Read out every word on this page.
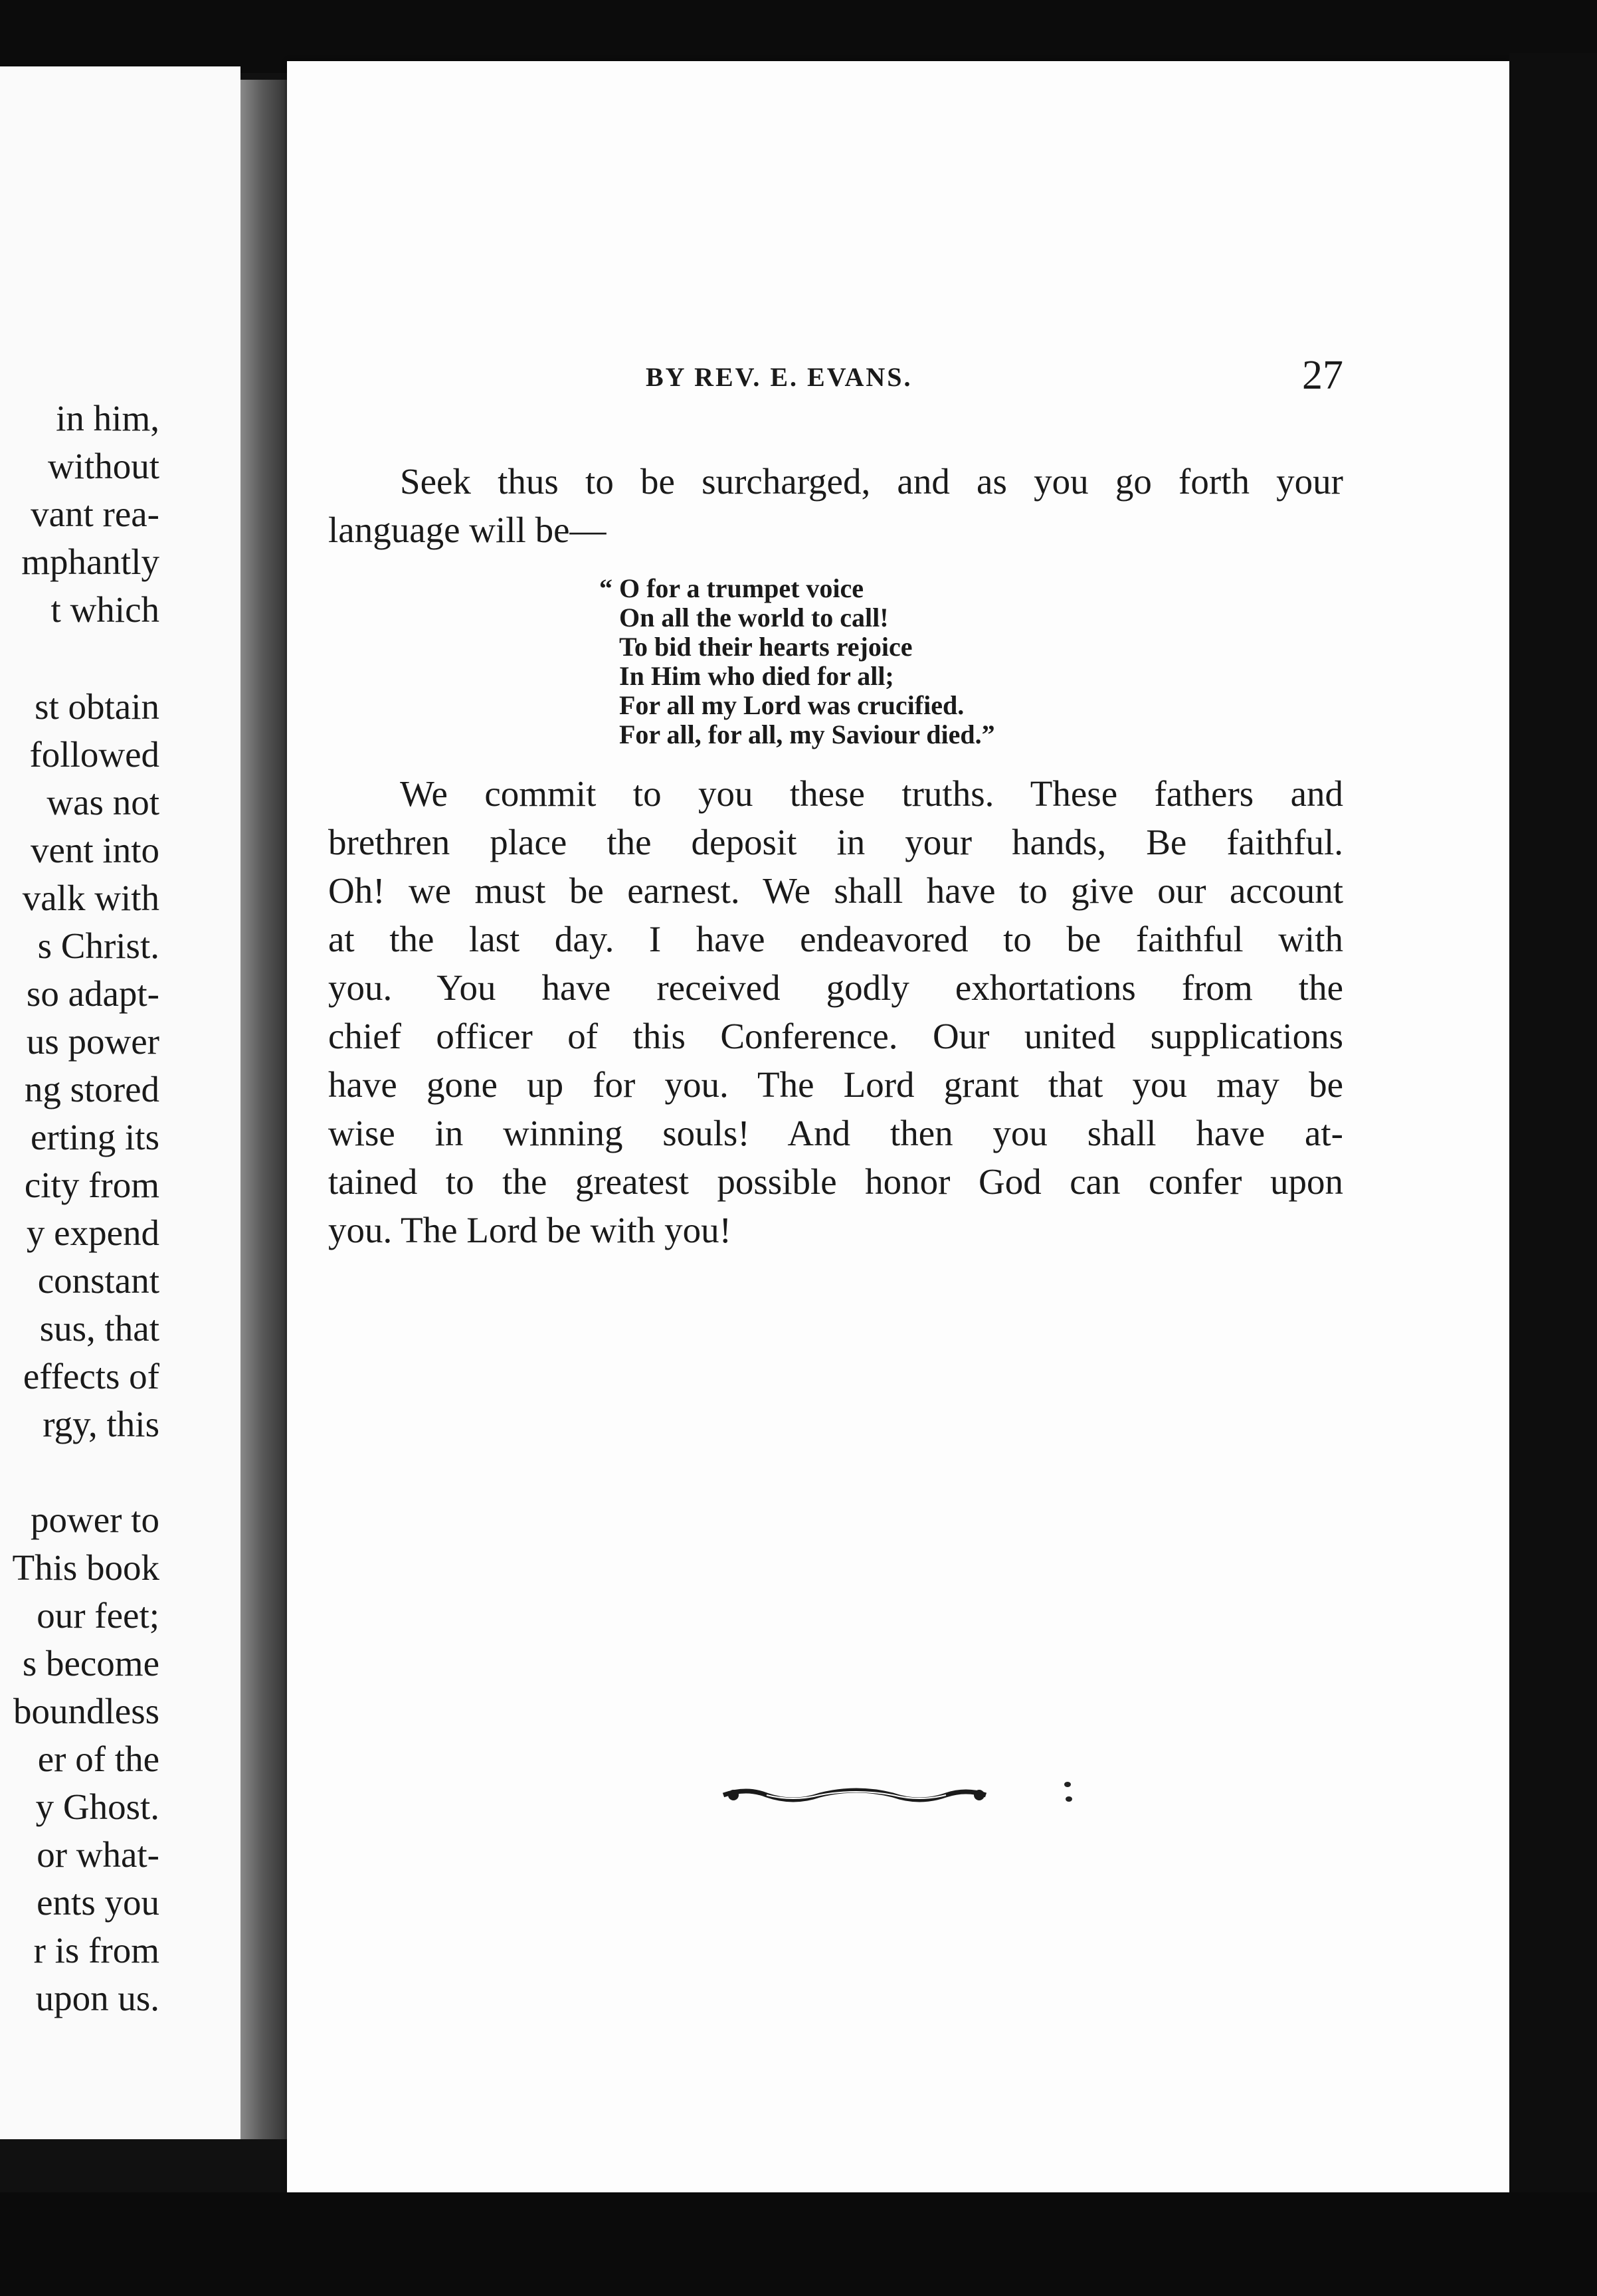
in him,
without
vant rea-
mphantly
t which
st obtain
followed
was not
vent into
valk with
s Christ.
so adapt-
us power
ng stored
erting its
city from
y expend
constant
sus, that
effects of
rgy, this
power to
This book
our feet;
s become
boundless
er of the
y Ghost.
or what-
ents you
r is from
upon us.
BY REV. E. EVANS.	27
Seek thus to be surcharged, and as you go forth your
language will be—
“ O for a trumpet voice
On all the world to call!
To bid their hearts rejoice
In Him who died for all;
For all my Lord was crucified.
For all, for all, my Saviour died.”
We commit to you these truths. These fathers and
brethren place the deposit in your hands, Be faithful.
Oh! we must be earnest. We shall have to give our account
at the last day. I have endeavored to be faithful with
you. You have received godly exhortations from the
chief officer of this Conference. Our united supplications
have gone up for you. The Lord grant that you may be
wise in winning souls! And then you shall have at-
tained to the greatest possible honor God can confer upon
you. The Lord be with you!
